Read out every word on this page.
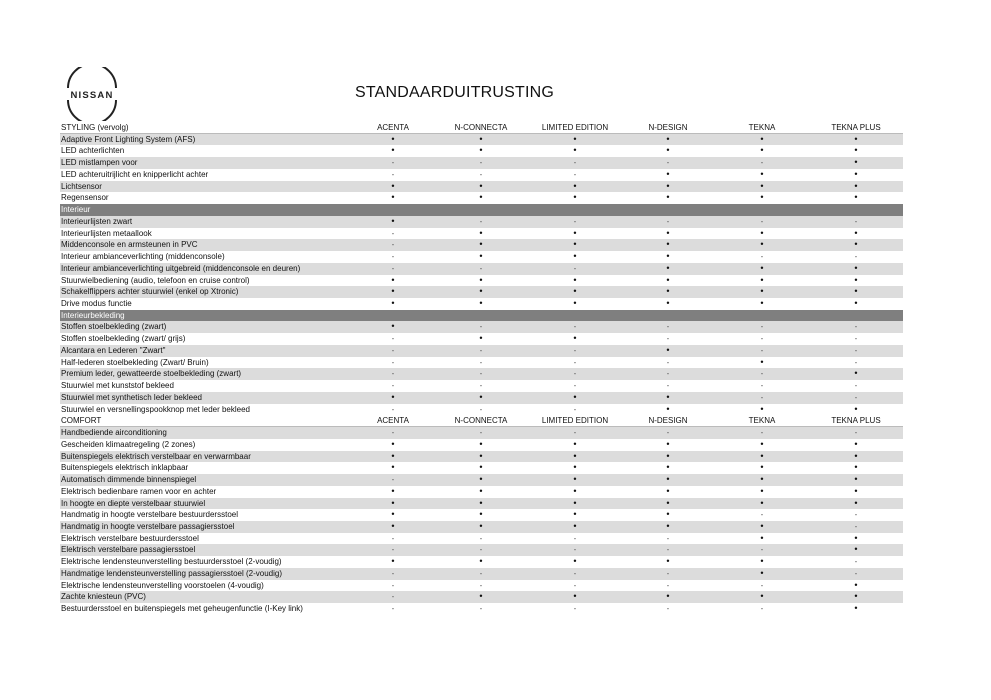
NISSAN	STANDAARDUITRUSTING
STYLING (vervolg)	ACENTA	N-CONNECTA	LIMITED EDITION	N-DESIGN	TEKNA	TEKNA PLUS
Adaptive Front Lighting System (AFS)	•	•	•	•	•	•
LED achterlichten	•	•	•	•	•	•
LED mistlampen voor	-	-	-	-	-	•
LED achteruitrijlicht en knipperlicht achter	-	-	-	•	•	•
Lichtsensor	•	•	•	•	•	•
Regensensor	•	•	•	•	•	•
Interieur
Interieurlijsten zwart	•	-	-	-	-	-
Interieurlijsten metaallook	-	•	•	•	•	•
Middenconsole en armsteunen in PVC	-	•	•	•	•	•
Interieur ambianceverlichting (middenconsole)	-	•	•	•	-	-
Interieur ambianceverlichting uitgebreid (middenconsole en deuren)	-	-	-	•	•	•
Stuurwielbediening (audio, telefoon en cruise control)	•	•	•	•	•	•
Schakelflippers achter stuurwiel (enkel op Xtronic)	•	•	•	•	•	•
Drive modus functie	•	•	•	•	•	•
Interieurbekleding
Stoffen stoelbekleding (zwart)	•	-	-	-	-	-
Stoffen stoelbekleding (zwart/ grijs)	-	•	•	-	-	-
Alcantara en Lederen "Zwart"	-	-	-	•	-	-
Half-lederen stoelbekleding (Zwart/ Bruin)	-	-	-	-	•	-
Premium leder, gewatteerde stoelbekleding (zwart)	-	-	-	-	-	•
Stuurwiel met kunststof bekleed	-	-	-	-	-	-
Stuurwiel met synthetisch leder bekleed	•	•	•	•	-	-
Stuurwiel en versnellingspookknop met leder bekleed	-	-	-	•	•	•
COMFORT	ACENTA	N-CONNECTA	LIMITED EDITION	N-DESIGN	TEKNA	TEKNA PLUS
Handbediende airconditioning	-	-	-	-	-	-
Gescheiden klimaatregeling (2 zones)	•	•	•	•	•	•
Buitenspiegels elektrisch verstelbaar en verwarmbaar	•	•	•	•	•	•
Buitenspiegels elektrisch inklapbaar	•	•	•	•	•	•
Automatisch dimmende binnenspiegel	-	•	•	•	•	•
Elektrisch bedienbare ramen voor en achter	•	•	•	•	•	•
In hoogte en diepte verstelbaar stuurwiel	•	•	•	•	•	•
Handmatig in hoogte verstelbare bestuurdersstoel	•	•	•	•	-	-
Handmatig in hoogte verstelbare passagiersstoel	•	•	•	•	•	-
Elektrisch verstelbare bestuurdersstoel	-	-	-	-	•	•
Elektrisch verstelbare passagiersstoel	-	-	-	-	-	•
Elektrische lendensteunverstelling bestuurdersstoel (2-voudig)	•	•	•	•	•	-
Handmatige lendensteunverstelling passagiersstoel (2-voudig)	-	-	-	-	•	-
Elektrische lendensteunverstelling voorstoelen (4-voudig)	-	-	-	-	-	•
Zachte kniesteun (PVC)	-	•	•	•	•	•
Bestuurdersstoel en buitenspiegels met geheugenfunctie (I-Key link)	-	-	-	-	-	•
